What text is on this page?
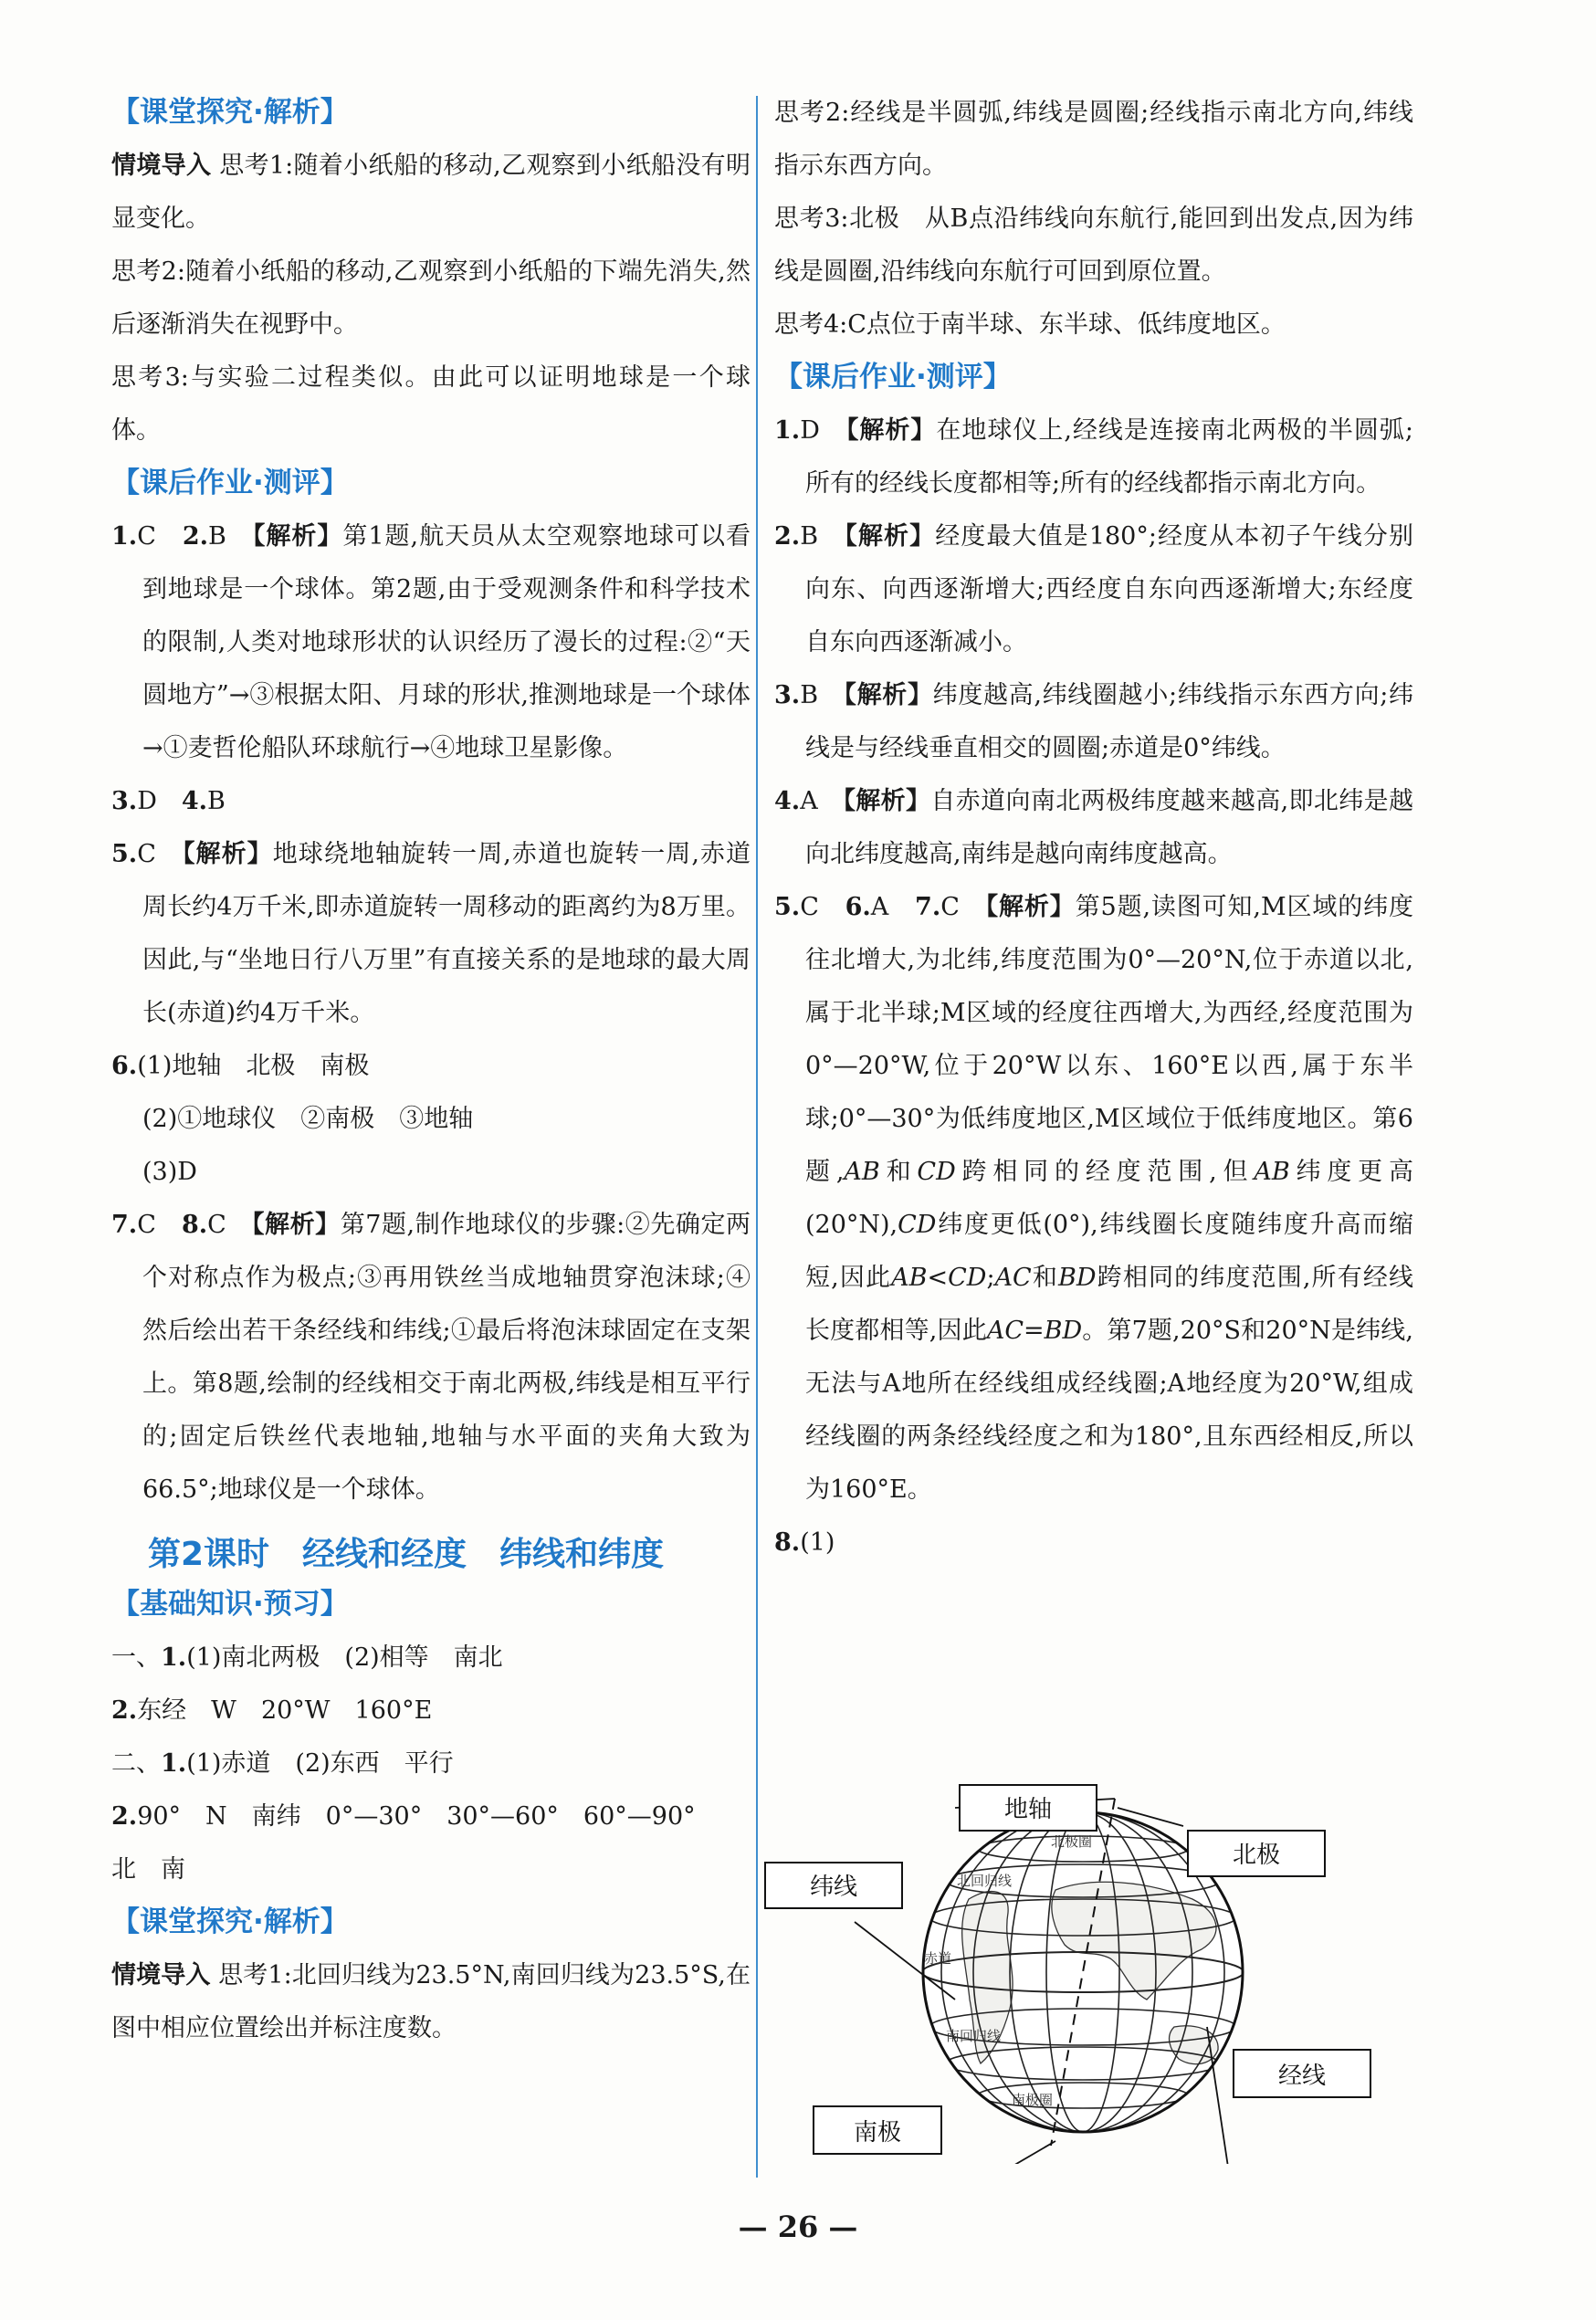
【课堂探究·解析】

情境导入 思考1:随着小纸船的移动,乙观察到小纸船没有明显变化。

思考2:随着小纸船的移动,乙观察到小纸船的下端先消失,然后逐渐消失在视野中。

思考3:与实验二过程类似。由此可以证明地球是一个球体。

【课后作业·测评】

1.C　 2.B　 【解析】第1题,航天员从太空观察地球可以看到地球是一个球体。第2题,由于受观测条件和科学技术的限制,人类对地球形状的认识经历了漫长的过程:②“天圆地方”→③根据太阳、月球的形状,推测地球是一个球体→①麦哲伦船队环球航行→④地球卫星影像。

3.D　 4.B

5.C　 【解析】地球绕地轴旋转一周,赤道也旋转一周,赤道周长约4万千米,即赤道旋转一周移动的距离约为8万里。因此,与“坐地日行八万里”有直接关系的是地球的最大周长(赤道)约4万千米。

6.(1)地轴　北极　南极

(2)①地球仪　②南极　③地轴

(3)D

7.C　 8.C　 【解析】第7题,制作地球仪的步骤:②先确定两个对称点作为极点;③再用铁丝当成地轴贯穿泡沫球;④然后绘出若干条经线和纬线;①最后将泡沫球固定在支架上。第8题,绘制的经线相交于南北两极,纬线是相互平行的;固定后铁丝代表地轴,地轴与水平面的夹角大致为66.5°;地球仪是一个球体。

第2课时　经线和经度　纬线和纬度
【基础知识·预习】

一、1.(1)南北两极　(2)相等　南北

2.东经　W　20°W　160°E

二、1.(1)赤道　(2)东西　平行

2.90°　N　南纬　0°—30°　30°—60°　60°—90°

北　南

【课堂探究·解析】

情境导入 思考1:北回归线为23.5°N,南回归线为23.5°S,在图中相应位置绘出并标注度数。

思考2:经线是半圆弧,纬线是圆圈;经线指示南北方向,纬线指示东西方向。

思考3:北极　从B点沿纬线向东航行,能回到出发点,因为纬线是圆圈,沿纬线向东航行可回到原位置。

思考4:C点位于南半球、东半球、低纬度地区。

【课后作业·测评】

1.D　 【解析】在地球仪上,经线是连接南北两极的半圆弧;所有的经线长度都相等;所有的经线都指示南北方向。

2.B　 【解析】经度最大值是180°;经度从本初子午线分别向东、向西逐渐增大;西经度自东向西逐渐增大;东经度自东向西逐渐减小。

3.B　 【解析】纬度越高,纬线圈越小;纬线指示东西方向;纬线是与经线垂直相交的圆圈;赤道是0°纬线。

4.A　 【解析】自赤道向南北两极纬度越来越高,即北纬是越向北纬度越高,南纬是越向南纬度越高。

5.C　 6.A　 7.C　 【解析】第5题,读图可知,M区域的纬度往北增大,为北纬,纬度范围为0°—20°N,位于赤道以北,属于北半球;M区域的经度往西增大,为西经,经度范围为0°—20°W,位于20°W以东、160°E以西,属于东半球;0°—30°为低纬度地区,M区域位于低纬度地区。第6题,AB和CD跨相同的经度范围,但AB纬度更高(20°N),CD纬度更低(0°),纬线圈长度随纬度升高而缩短,因此AB<CD;AC和BD跨相同的纬度范围,所有经线长度都相等,因此AC=BD。第7题,20°S和20°N是纬线,无法与A地所在经线组成经线圈;A地经度为20°W,组成经线圈的两条经线经度之和为180°,且东西经相反,所以为160°E。

8.(1)

北极圈
北回归线
赤道
南回归线
南极圈
地轴
北极
纬线
经线
南极
— 26 —
